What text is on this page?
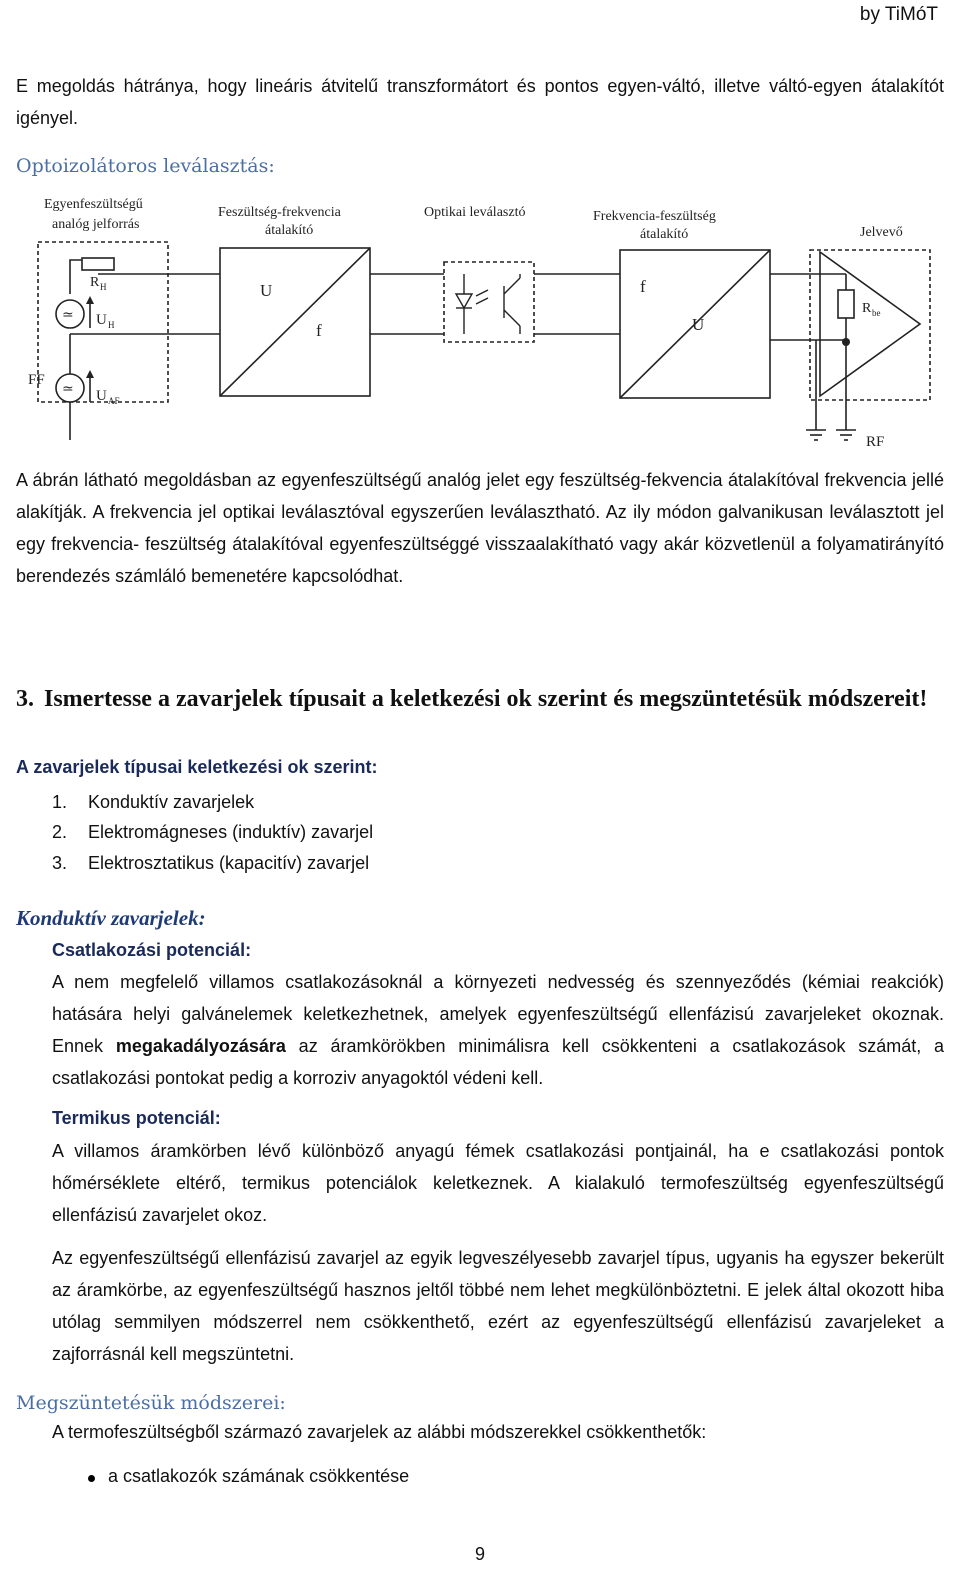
by TiMóT

E megoldás hátránya, hogy lineáris átvitelű transzformátort és pontos egyen-váltó, illetve váltó-egyen átalakítót igényel.

Optoizolátoros leválasztás:
Egyenfeszültségű
analóg jelforrás
Feszültség-frekvencia
átalakító
Optikai leválasztó	Frekvencia-feszültség
átalakító	Jelvevő
R H
≃ U H
FF
≃ U AF
U
f
f
U
R be
RF

A ábrán látható megoldásban az egyenfeszültségű analóg jelet egy feszültség-fekvencia átalakítóval frekvencia jellé alakítják. A frekvencia jel optikai leválasztóval egyszerűen leválasztható. Az ily módon galvanikusan leválasztott jel egy frekvencia- feszültség átalakítóval egyenfeszültséggé visszaalakítható vagy akár közvetlenül a folyamatirányító berendezés számláló bemenetére kapcsolódhat.

3. Ismertesse a zavarjelek típusait a keletkezési ok szerint és megszüntetésük módszereit!
A zavarjelek típusai keletkezési ok szerint:
1. Konduktív zavarjelek
2. Elektromágneses (induktív) zavarjel
3. Elektrosztatikus (kapacitív) zavarjel
Konduktív zavarjelek:
Csatlakozási potenciál:

A nem megfelelő villamos csatlakozásoknál a környezeti nedvesség és szennyeződés (kémiai reakciók) hatására helyi galvánelemek keletkezhetnek, amelyek egyenfeszültségű ellenfázisú zavarjeleket okoznak. Ennek megakadályozására az áramkörökben minimálisra kell csökkenteni a csatlakozások számát, a csatlakozási pontokat pedig a korroziv anyagoktól védeni kell.

Termikus potenciál:

A villamos áramkörben lévő különböző anyagú fémek csatlakozási pontjainál, ha e csatlakozási pontok hőmérséklete eltérő, termikus potenciálok keletkeznek. A kialakuló termofeszültség egyenfeszültségű ellenfázisú zavarjelet okoz.

Az egyenfeszültségű ellenfázisú zavarjel az egyik legveszélyesebb zavarjel típus, ugyanis ha egyszer bekerült az áramkörbe, az egyenfeszültségű hasznos jeltől többé nem lehet megkülönböztetni. E jelek által okozott hiba utólag semmilyen módszerrel nem csökkenthető, ezért az egyenfeszültségű ellenfázisú zavarjeleket a zajforrásnál kell megszüntetni.

Megszüntetésük módszerei:
A termofeszültségből származó zavarjelek az alábbi módszerekkel csökkenthetők:
a csatlakozók számának csökkentése
9
